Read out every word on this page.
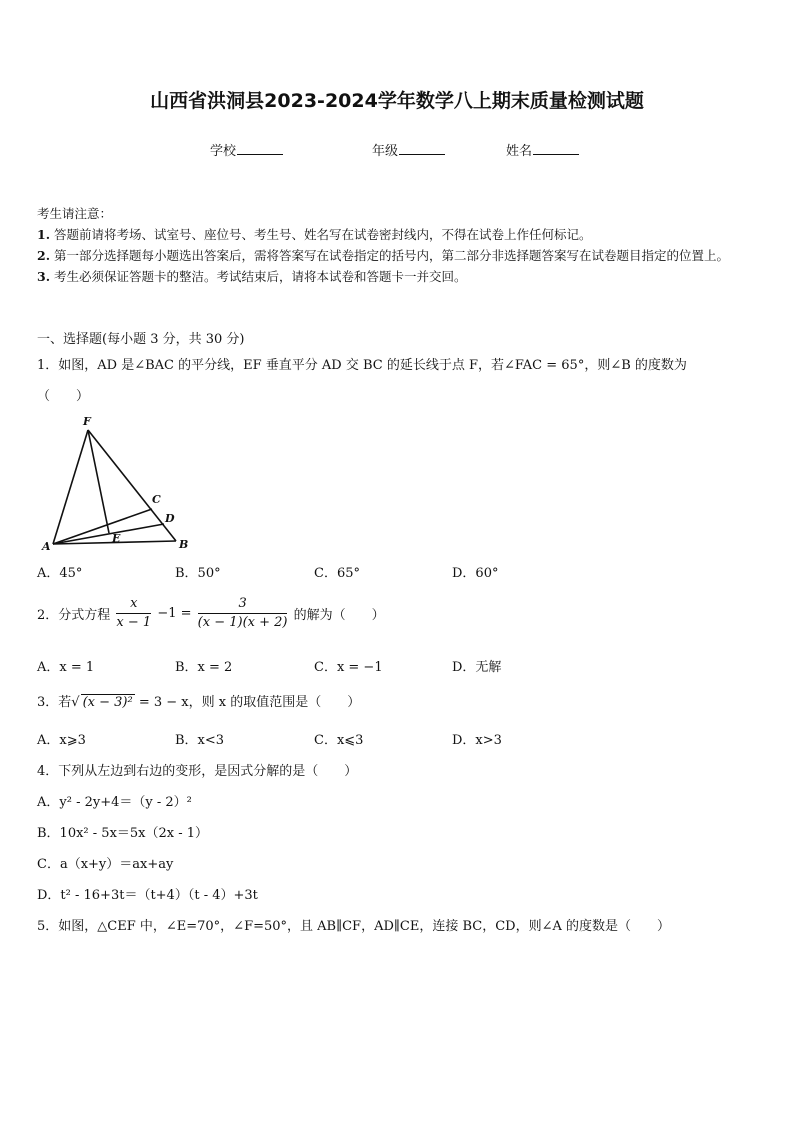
山西省洪洞县2023-2024学年数学八上期末质量检测试题
学校	年级	姓名
考生请注意：
1. 答题前请将考场、试室号、座位号、考生号、姓名写在试卷密封线内，不得在试卷上作任何标记。
2. 第一部分选择题每小题选出答案后，需将答案写在试卷指定的括号内，第二部分非选择题答案写在试卷题目指定的位置上。
3. 考生必须保证答题卡的整洁。考试结束后，请将本试卷和答题卡一并交回。
一、选择题(每小题 3 分，共 30 分)
1．如图，AD 是∠BAC 的平分线，EF 垂直平分 AD 交 BC 的延长线于点 F，若∠FAC = 65°，则∠B 的度数为
（　　）
F
C
D
A
E	B
A．45°	B．50°	C．65°	D．60°
2．分式方程 $\frac{x}{x - 1} -1 = \frac{3}{(x - 1)(x + 2)}$ 的解为（　　）
A．x = 1	B．x = 2	C．x = −1	D．无解
3．若√ (x − 3)² = 3 − x，则 x 的取值范围是（　　）
A．x⩾3	B．x<3	C．x⩽3	D．x>3
4．下列从左边到右边的变形，是因式分解的是（　　）
A．y² - 2y+4＝（y - 2）²
B．10x² - 5x＝5x（2x - 1）
C．a（x+y）＝ax+ay
D．t² - 16+3t＝（t+4）（t - 4）+3t
5．如图，△CEF 中，∠E=70°，∠F=50°，且 AB∥CF，AD∥CE，连接 BC，CD，则∠A 的度数是（　　）
